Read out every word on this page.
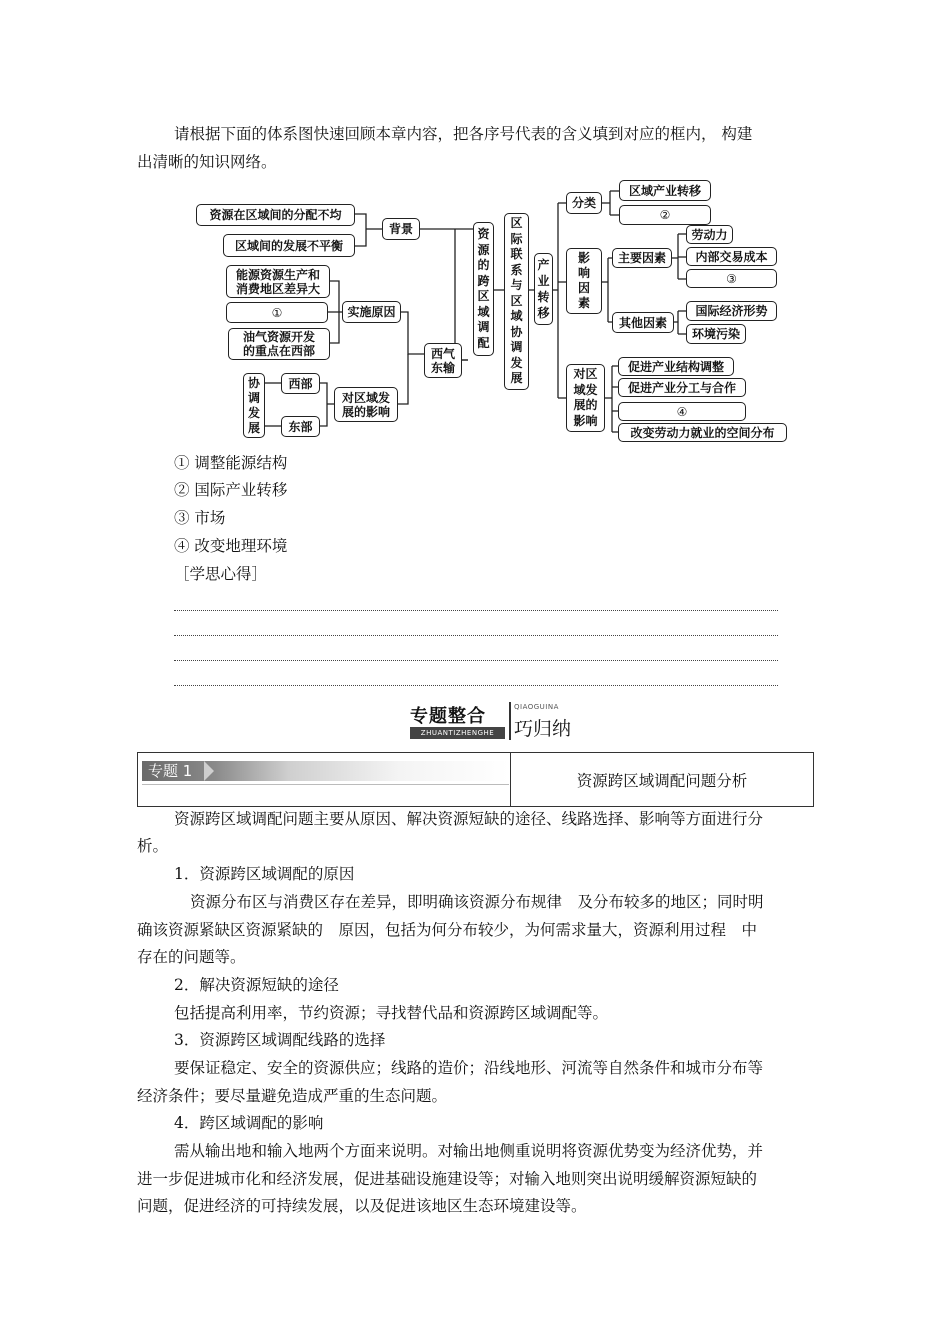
请根据下面的体系图快速回顾本章内容，把各序号代表的含义填到对应的框内， 构建
出清晰的知识网络。
资源在区域间的分配不均
区域间的发展不平衡
背景
能源资源生产和
消费地区差异大
①
油气资源开发
的重点在西部
实施原因
协
调
发
展
西部
东部
对区域发
展的影响
西气
东输
资
源
的
跨
区
域
调
配
区
际
联
系
与
区
域
协
调
发
展
产
业
转
移
分类
区域产业转移
②
影
响
因
素
主要因素
劳动力
内部交易成本
③
其他因素
国际经济形势
环境污染
对区
域发
展的
影响
促进产业结构调整
促进产业分工与合作
④
改变劳动力就业的空间分布
① 调整能源结构
② 国际产业转移
③ 市场
④ 改变地理环境
［学思心得］
专题整合
ZHUANTIZHENGHE
QIAOGUINA
巧归纳
专题 1
资源跨区域调配问题分析
资源跨区域调配问题主要从原因、解决资源短缺的途径、线路选择、影响等方面进行分
析。
1．资源跨区域调配的原因
资源分布区与消费区存在差异，即明确该资源分布规律　及分布较多的地区；同时明
确该资源紧缺区资源紧缺的　原因，包括为何分布较少，为何需求量大，资源利用过程　中
存在的问题等。
2．解决资源短缺的途径
包括提高利用率，节约资源；寻找替代品和资源跨区域调配等。
3．资源跨区域调配线路的选择
要保证稳定、安全的资源供应；线路的造价；沿线地形、河流等自然条件和城市分布等
经济条件；要尽量避免造成严重的生态问题。
4．跨区域调配的影响
需从输出地和输入地两个方面来说明。对输出地侧重说明将资源优势变为经济优势，并
进一步促进城市化和经济发展，促进基础设施建设等；对输入地则突出说明缓解资源短缺的
问题，促进经济的可持续发展，以及促进该地区生态环境建设等。
